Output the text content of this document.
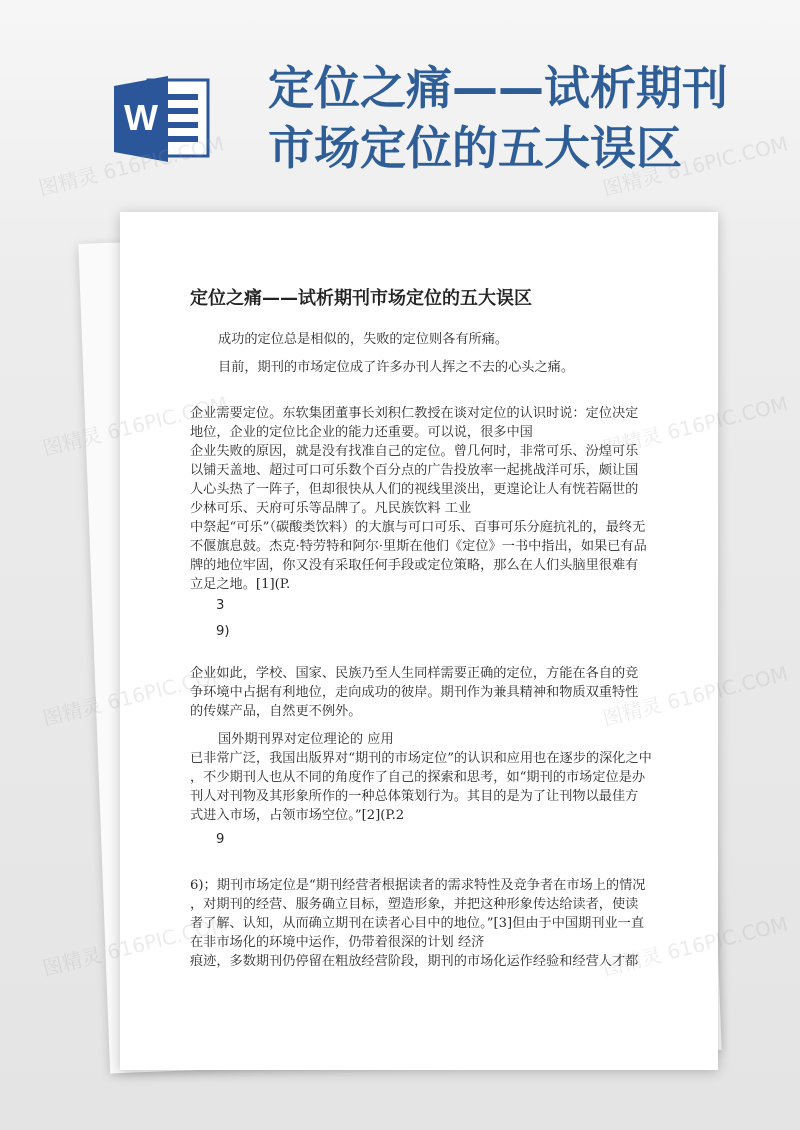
W
定位之痛——试析期刊
市场定位的五大误区
定位之痛——试析期刊市场定位的五大误区

成功的定位总是相似的，失败的定位则各有所痛。

目前，期刊的市场定位成了许多办刊人挥之不去的心头之痛。

企业需要定位。东软集团董事长刘积仁教授在谈对定位的认识时说：定位决定
地位，企业的定位比企业的能力还重要。可以说，很多中国
企业失败的原因，就是没有找准自己的定位。曾几何时，非常可乐、汾煌可乐
以铺天盖地、超过可口可乐数个百分点的广告投放率一起挑战洋可乐，颇让国
人心头热了一阵子，但却很快从人们的视线里淡出，更遑论让人有恍若隔世的
少林可乐、天府可乐等品牌了。凡民族饮料 工业
中祭起“可乐”（碳酸类饮料）的大旗与可口可乐、百事可乐分庭抗礼的，最终无
不偃旗息鼓。杰克·特劳特和阿尔·里斯在他们《定位》一书中指出，如果已有品
牌的地位牢固，你又没有采取任何手段或定位策略，那么在人们头脑里很难有
立足之地。[1](P.

3

9)

企业如此，学校、国家、民族乃至人生同样需要正确的定位，方能在各自的竞
争环境中占据有利地位，走向成功的彼岸。期刊作为兼具精神和物质双重特性
的传媒产品，自然更不例外。

国外期刊界对定位理论的 应用

已非常广泛，我国出版界对“期刊的市场定位”的认识和应用也在逐步的深化之中
，不少期刊人也从不同的角度作了自己的探索和思考，如“期刊的市场定位是办
刊人对刊物及其形象所作的一种总体策划行为。其目的是为了让刊物以最佳方
式进入市场，占领市场空位。”[2](P.2

9

6)；期刊市场定位是“期刊经营者根据读者的需求特性及竞争者在市场上的情况
，对期刊的经营、服务确立目标，塑造形象，并把这种形象传达给读者，使读
者了解、认知，从而确立期刊在读者心目中的地位。”[3]但由于中国期刊业一直
在非市场化的环境中运作，仍带着很深的计划 经济
痕迹，多数期刊仍停留在粗放经营阶段，期刊的市场化运作经验和经营人才都
